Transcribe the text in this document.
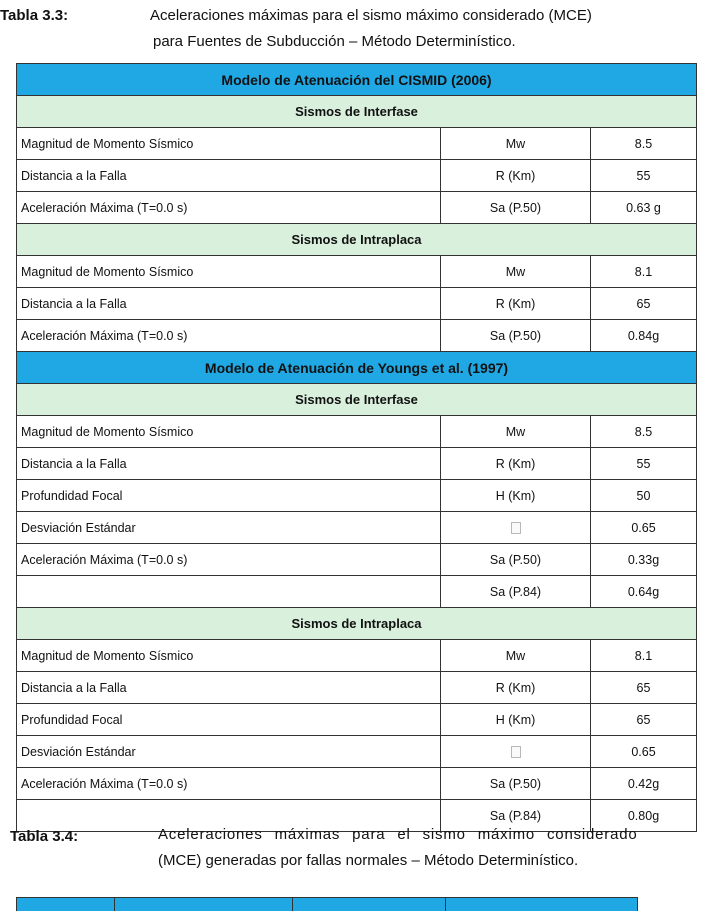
Tabla 3.3:	Aceleraciones máximas para el sismo máximo considerado (MCE)
para Fuentes de Subducción – Método Determinístico.
Modelo de Atenuación del CISMID (2006)		
Sismos de Interfase		
Magnitud de Momento Sísmico	Mw	8.5
Distancia a la Falla	R (Km)	55
Aceleración Máxima (T=0.0 s)	Sa (P.50)	0.63 g
Sismos de Intraplaca		
Magnitud de Momento Sísmico	Mw	8.1
Distancia a la Falla	R (Km)	65
Aceleración Máxima (T=0.0 s)	Sa (P.50)	0.84g
Modelo de Atenuación de Youngs et al. (1997)		
Sismos de Interfase		
Magnitud de Momento Sísmico	Mw	8.5
Distancia a la Falla	R (Km)	55
Profundidad Focal	H (Km)	50
Desviación Estándar		0.65
Aceleración Máxima (T=0.0 s)	Sa (P.50)	0.33g
	Sa (P.84)	0.64g
Sismos de Intraplaca		
Magnitud de Momento Sísmico	Mw	8.1
Distancia a la Falla	R (Km)	65
Profundidad Focal	H (Km)	65
Desviación Estándar		0.65
Aceleración Máxima (T=0.0 s)	Sa (P.50)	0.42g
	Sa (P.84)	0.80g
Tabla 3.4:	Aceleraciones máximas para el sismo máximo considerado
(MCE) generadas por fallas normales – Método Determinístico.
